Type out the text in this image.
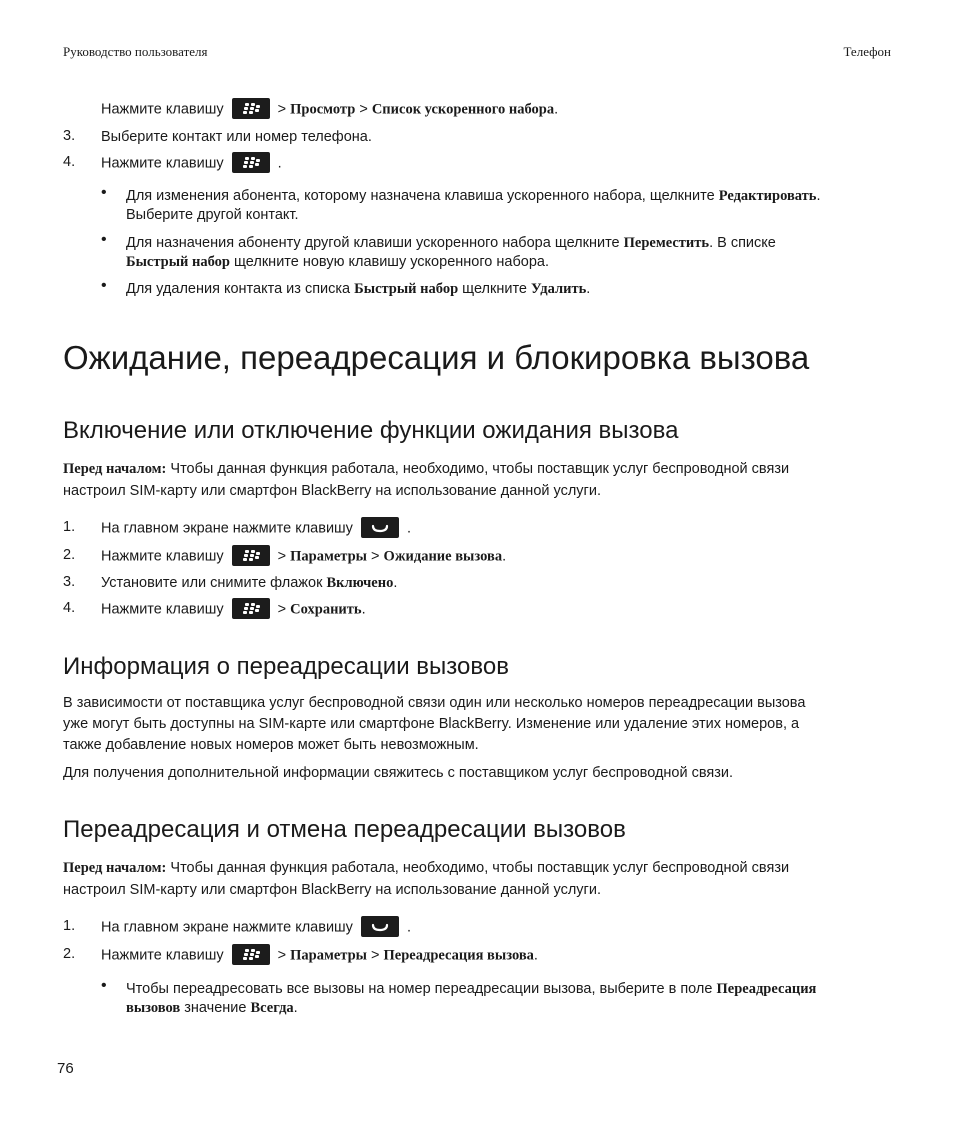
Руководство пользователя	Телефон
Нажмите клавишу	> Просмотр > Список ускоренного набора.
3. Выберите контакт или номер телефона.
4. Нажмите клавишу	.
• Для изменения абонента, которому назначена клавиша ускоренного набора, щелкните Редактировать.
Выберите другой контакт.
• Для назначения абоненту другой клавиши ускоренного набора щелкните Переместить. В списке
Быстрый набор щелкните новую клавишу ускоренного набора.
• Для удаления контакта из списка Быстрый набор щелкните Удалить.
Ожидание, переадресация и блокировка вызова
Включение или отключение функции ожидания вызова
Перед началом: Чтобы данная функция работала, необходимо, чтобы поставщик услуг беспроводной связи
настроил SIM-карту или смартфон BlackBerry на использование данной услуги.
1. На главном экране нажмите клавишу	.
2. Нажмите клавишу	> Параметры > Ожидание вызова.
3. Установите или снимите флажок Включено.
4. Нажмите клавишу	> Сохранить.
Информация о переадресации вызовов
В зависимости от поставщика услуг беспроводной связи один или несколько номеров переадресации вызова
уже могут быть доступны на SIM-карте или смартфоне BlackBerry. Изменение или удаление этих номеров, а
также добавление новых номеров может быть невозможным.
Для получения дополнительной информации свяжитесь с поставщиком услуг беспроводной связи.
Переадресация и отмена переадресации вызовов
Перед началом: Чтобы данная функция работала, необходимо, чтобы поставщик услуг беспроводной связи
настроил SIM-карту или смартфон BlackBerry на использование данной услуги.
1. На главном экране нажмите клавишу	.
2. Нажмите клавишу	> Параметры > Переадресация вызова.
• Чтобы переадресовать все вызовы на номер переадресации вызова, выберите в поле Переадресация
вызовов значение Всегда.
76
